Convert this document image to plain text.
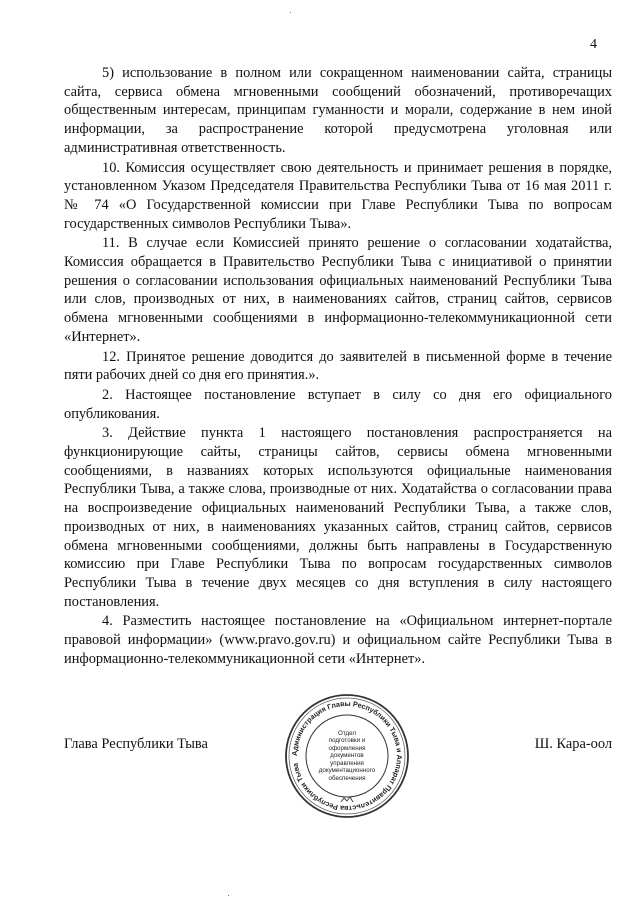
4

5) использование в полном или сокращенном наименовании сайта, страницы сайта, сервиса обмена мгновенными сообщений обозначений, противоречащих общественным интересам, принципам гуманности и морали, содержание в нем иной информации, за распространение которой предусмотрена уголовная или административная ответственность.

10. Комиссия осуществляет свою деятельность и принимает решения в порядке, установленном Указом Председателя Правительства Республики Тыва от 16 мая 2011 г. № 74 «О Государственной комиссии при Главе Республики Тыва по вопросам государственных символов Республики Тыва».

11. В случае если Комиссией принято решение о согласовании ходатайства, Комиссия обращается в Правительство Республики Тыва с инициативой о принятии решения о согласовании использования официальных наименований Республики Тыва или слов, производных от них, в наименованиях сайтов, страниц сайтов, сервисов обмена мгновенными сообщениями в информационно-телекоммуникационной сети «Интернет».

12. Принятое решение доводится до заявителей в письменной форме в течение пяти рабочих дней со дня его принятия.».

2. Настоящее постановление вступает в силу со дня его официального опубликования.

3. Действие пункта 1 настоящего постановления распространяется на функционирующие сайты, страницы сайтов, сервисы обмена мгновенными сообщениями, в названиях которых используются официальные наименования Республики Тыва, а также слова, производные от них. Ходатайства о согласовании права на воспроизведение официальных наименований Республики Тыва, а также слов, производных от них, в наименованиях указанных сайтов, страниц сайтов, сервисов обмена мгновенными сообщениями, должны быть направлены в Государственную комиссию при Главе Республики Тыва по вопросам государственных символов Республики Тыва в течение двух месяцев со дня вступления в силу настоящего постановления.

4. Разместить настоящее постановление на «Официальном интернет-портале правовой информации» (www.pravo.gov.ru) и официальном сайте Республики Тыва в информационно-телекоммуникационной сети «Интернет».

Глава Республики Тыва	Ш. Кара-оол
Администрация Главы Республики Тыва и Аппарат Правительства Республики Тыва
Отдел
подготовки и
оформления документов
управления
документационного
обеспечения
